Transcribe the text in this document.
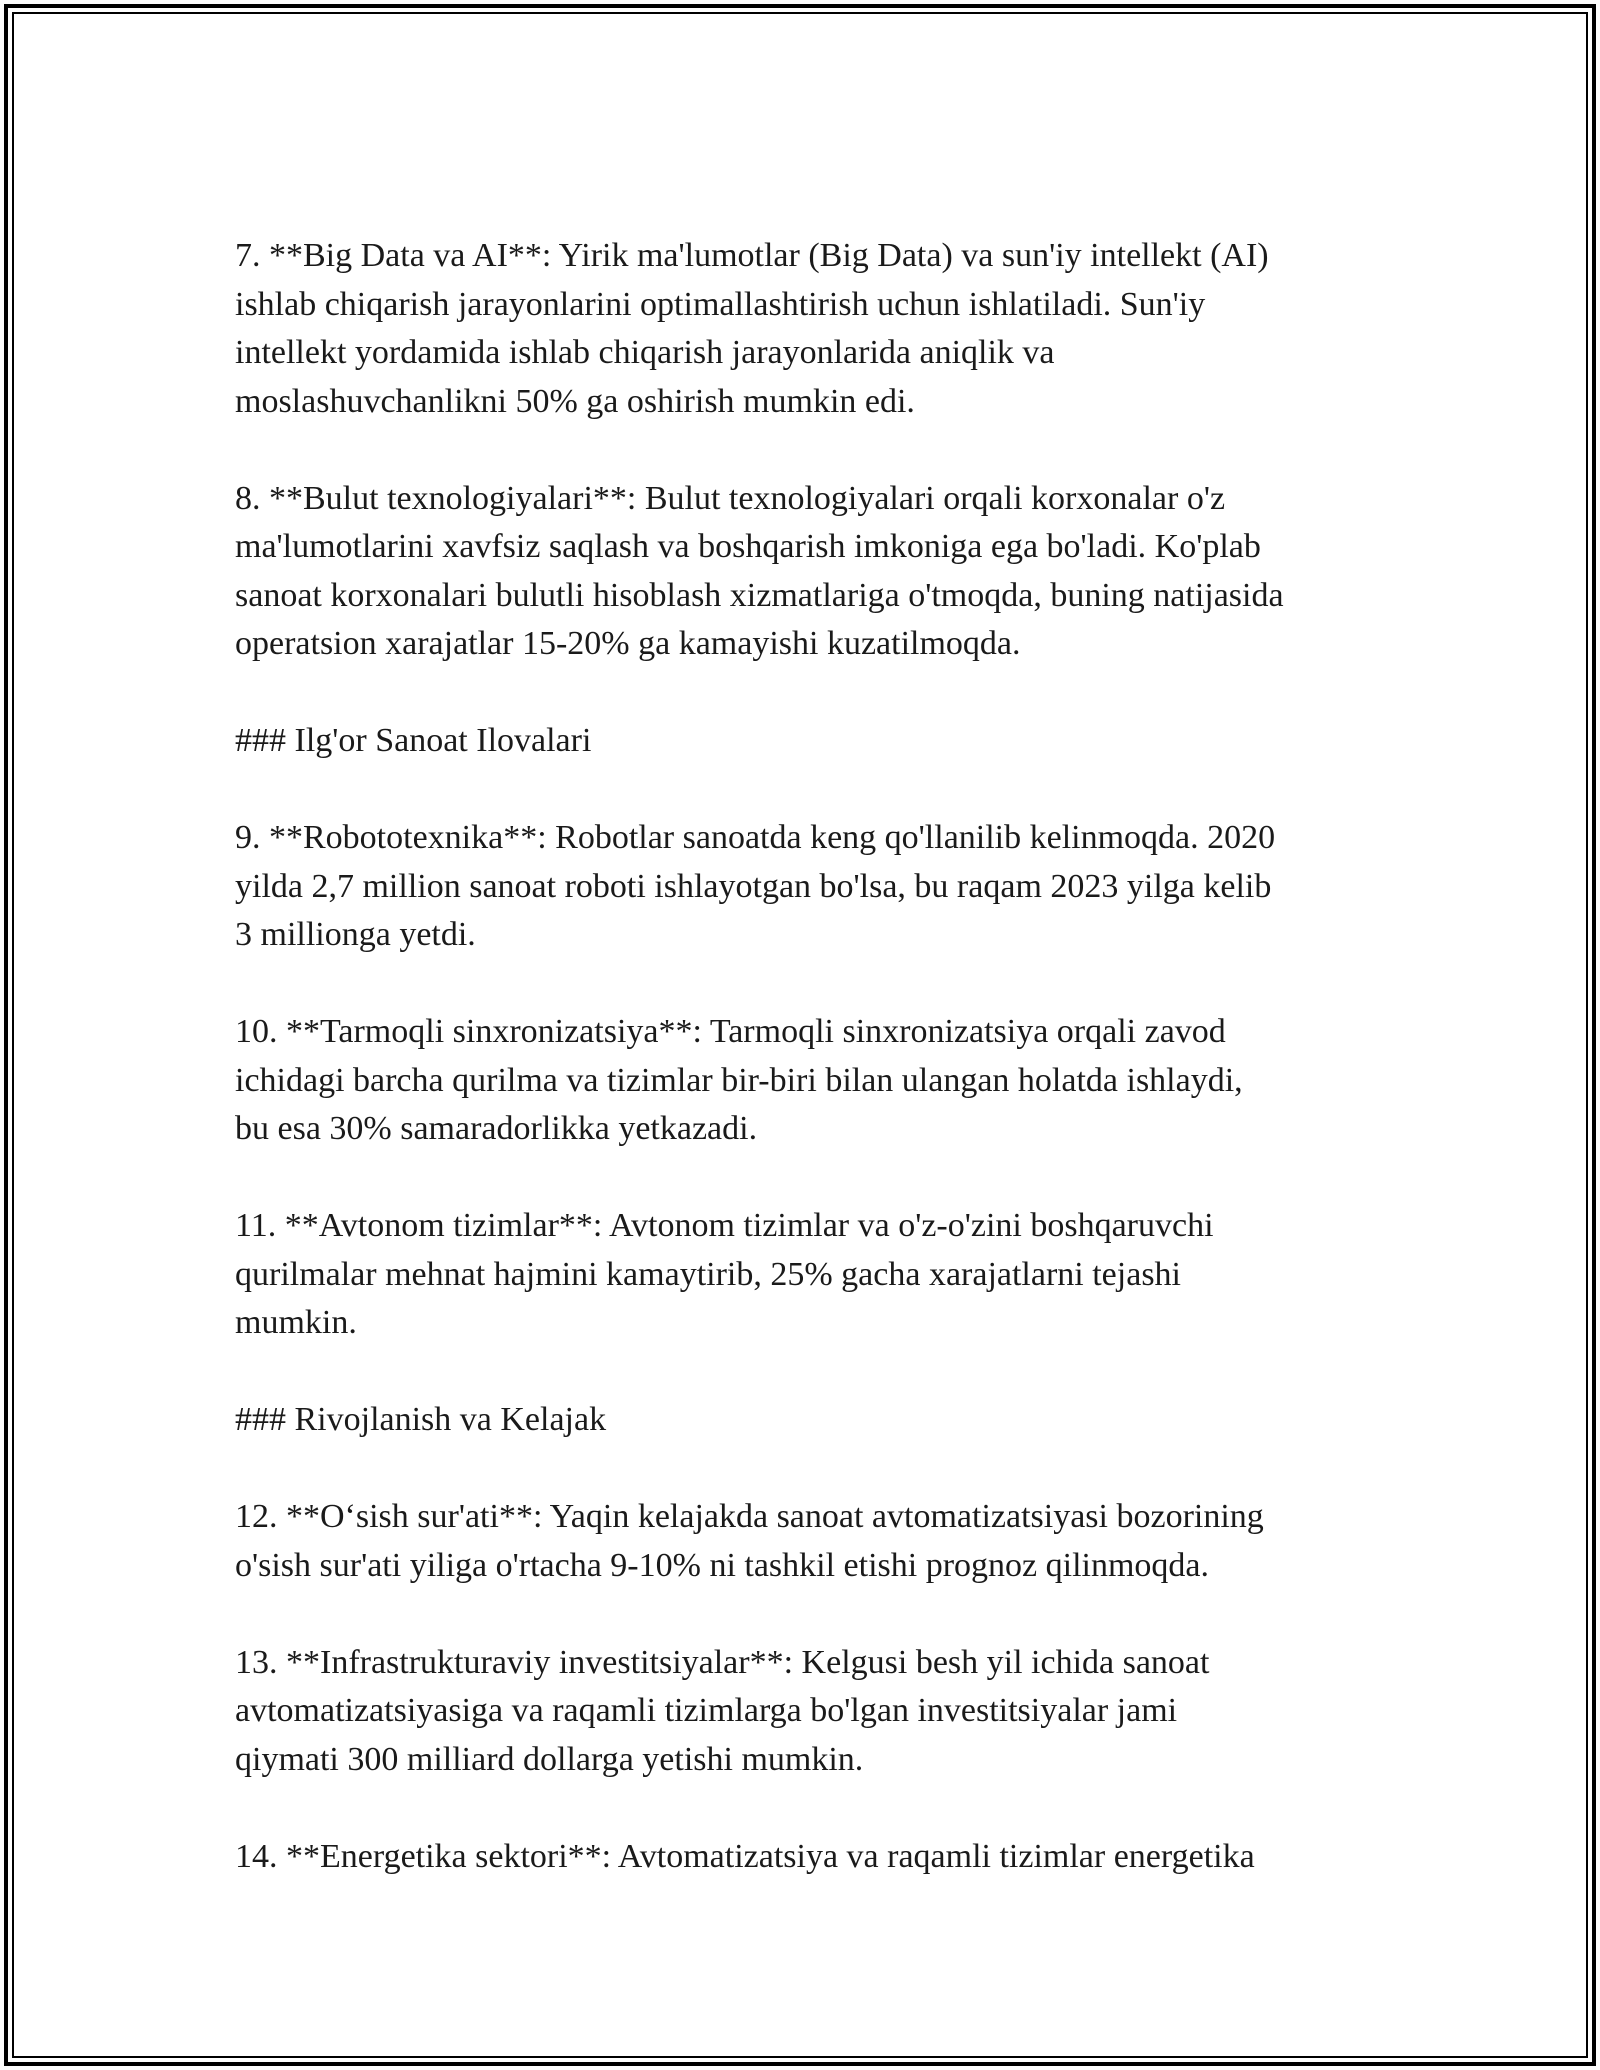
7. **Big Data va AI**: Yirik ma'lumotlar (Big Data) va sun'iy intellekt (AI)
ishlab chiqarish jarayonlarini optimallashtirish uchun ishlatiladi. Sun'iy
intellekt yordamida ishlab chiqarish jarayonlarida aniqlik va
moslashuvchanlikni 50% ga oshirish mumkin edi.

8. **Bulut texnologiyalari**: Bulut texnologiyalari orqali korxonalar o'z
ma'lumotlarini xavfsiz saqlash va boshqarish imkoniga ega bo'ladi. Ko'plab
sanoat korxonalari bulutli hisoblash xizmatlariga o'tmoqda, buning natijasida
operatsion xarajatlar 15-20% ga kamayishi kuzatilmoqda.

### Ilg'or Sanoat Ilovalari

9. **Robototexnika**: Robotlar sanoatda keng qo'llanilib kelinmoqda. 2020
yilda 2,7 million sanoat roboti ishlayotgan bo'lsa, bu raqam 2023 yilga kelib
3 millionga yetdi.

10. **Tarmoqli sinxronizatsiya**: Tarmoqli sinxronizatsiya orqali zavod
ichidagi barcha qurilma va tizimlar bir-biri bilan ulangan holatda ishlaydi,
bu esa 30% samaradorlikka yetkazadi.

11. **Avtonom tizimlar**: Avtonom tizimlar va o'z-o'zini boshqaruvchi
qurilmalar mehnat hajmini kamaytirib, 25% gacha xarajatlarni tejashi
mumkin.

### Rivojlanish va Kelajak

12. **O‘sish sur'ati**: Yaqin kelajakda sanoat avtomatizatsiyasi bozorining
o'sish sur'ati yiliga o'rtacha 9-10% ni tashkil etishi prognoz qilinmoqda.

13. **Infrastrukturaviy investitsiyalar**: Kelgusi besh yil ichida sanoat
avtomatizatsiyasiga va raqamli tizimlarga bo'lgan investitsiyalar jami
qiymati 300 milliard dollarga yetishi mumkin.

14. **Energetika sektori**: Avtomatizatsiya va raqamli tizimlar energetika
